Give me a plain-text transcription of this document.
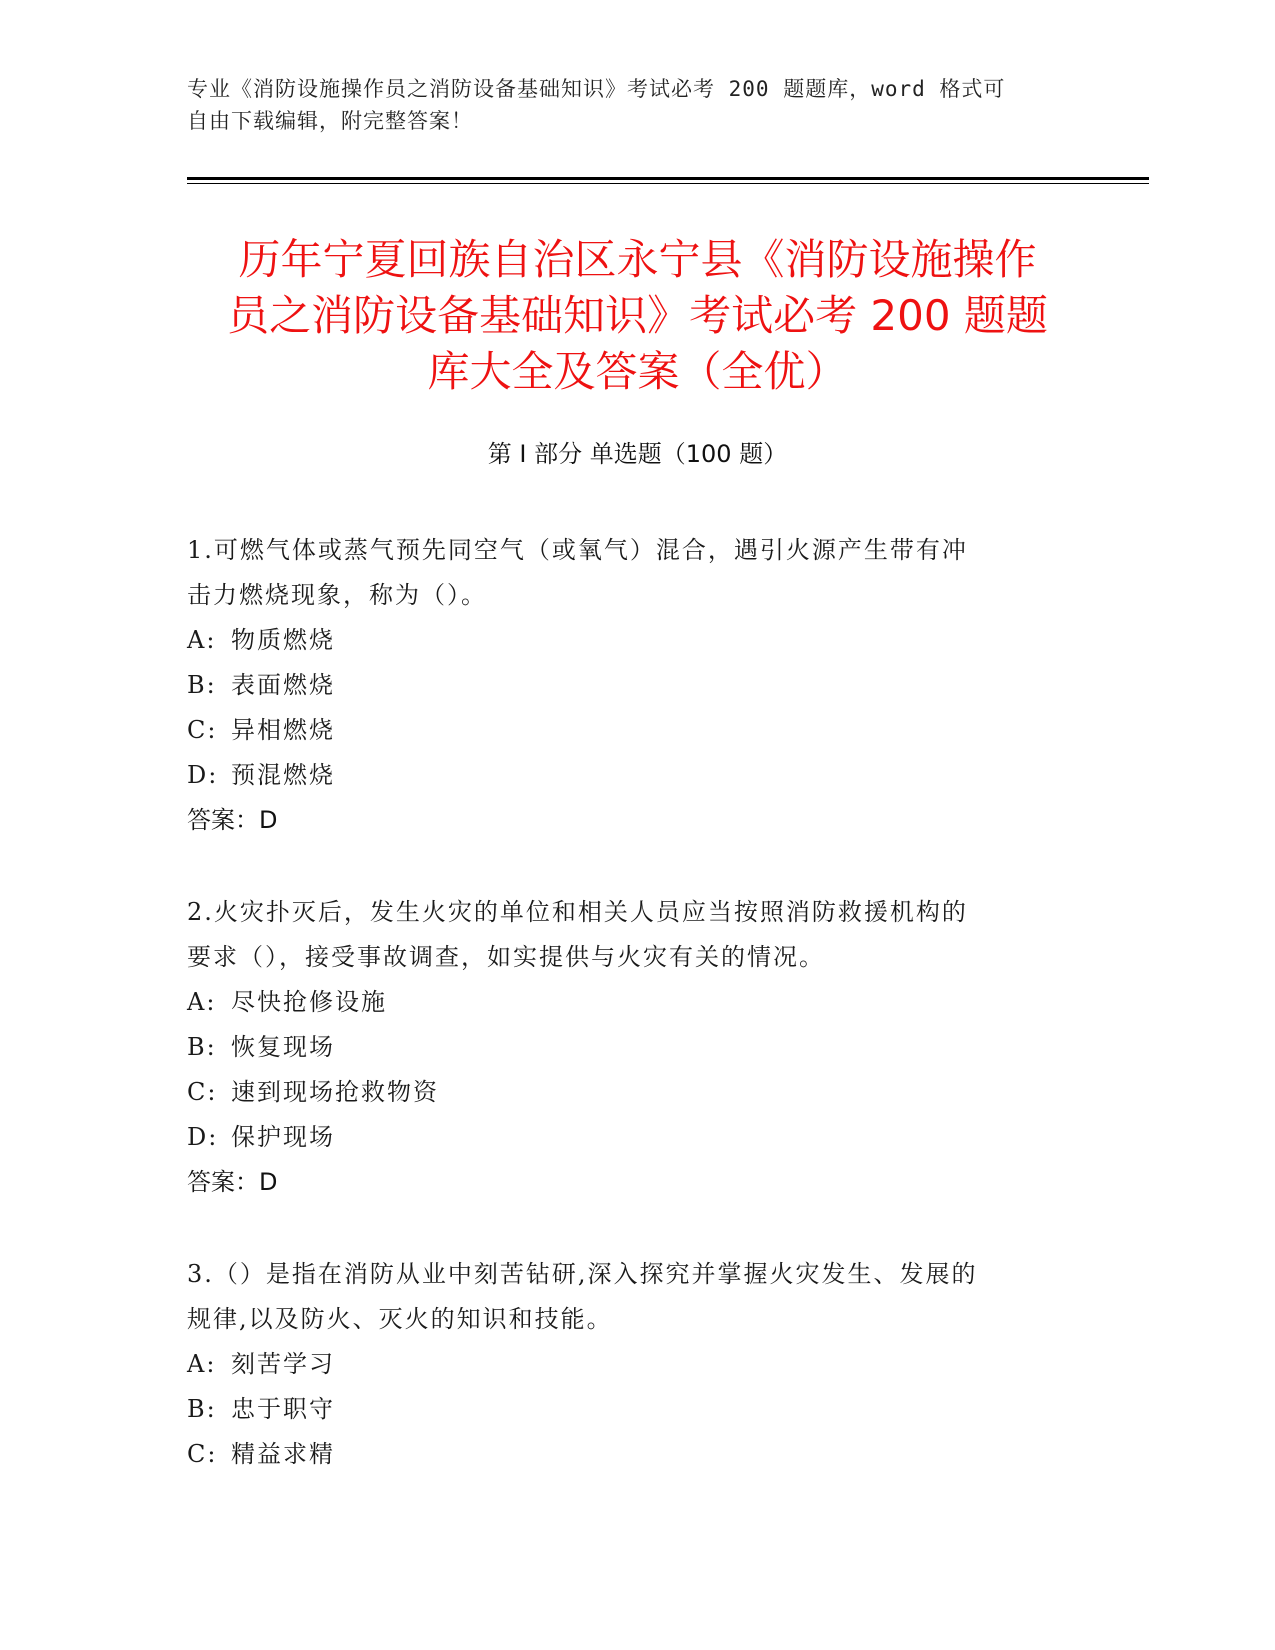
专业《消防设施操作员之消防设备基础知识》考试必考 200 题题库，word 格式可
自由下载编辑，附完整答案！
历年宁夏回族自治区永宁县《消防设施操作
员之消防设备基础知识》考试必考 200 题题
库大全及答案（全优）
第 I 部分 单选题（100 题）

1.可燃气体或蒸气预先同空气（或氧气）混合，遇引火源产生带有冲
击力燃烧现象，称为（）。

A: 物质燃烧
B: 表面燃烧
C: 异相燃烧
D: 预混燃烧
答案：D

2.火灾扑灭后，发生火灾的单位和相关人员应当按照消防救援机构的
要求（），接受事故调查，如实提供与火灾有关的情况。

A: 尽快抢修设施
B: 恢复现场
C: 速到现场抢救物资
D: 保护现场
答案：D

3.（）是指在消防从业中刻苦钻研,深入探究并掌握火灾发生、发展的
规律,以及防火、灭火的知识和技能。

A: 刻苦学习
B: 忠于职守
C: 精益求精
